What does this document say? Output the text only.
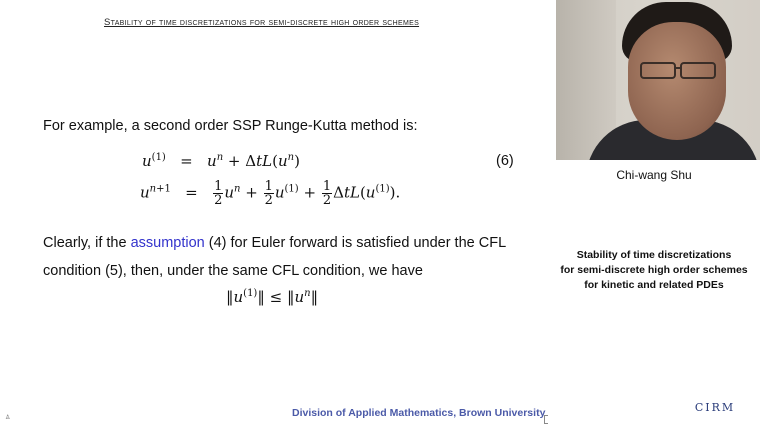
Stability of time discretizations for semi-discrete high order schemes
For example, a second order SSP Runge-Kutta method is:
$u^{(1)} = u^n + \Delta tL(u^n)$	(6)
$u^{n+1} = \frac{1}{2} u^n + \frac{1}{2} u^{(1)} + \frac{1}{2} \Delta tL(u^{(1)})$.
Clearly, if the assumption (4) for Euler forward is satisfied under the CFL condition (5), then, under the same CFL condition, we have
$‖u^{(1)}‖$ ≤ $‖u^n‖$
Division of Applied Mathematics, Brown University
♙
Chi-wang Shu
Stability of time discretizations
for semi-discrete high order schemes
for kinetic and related PDEs
CIRM
